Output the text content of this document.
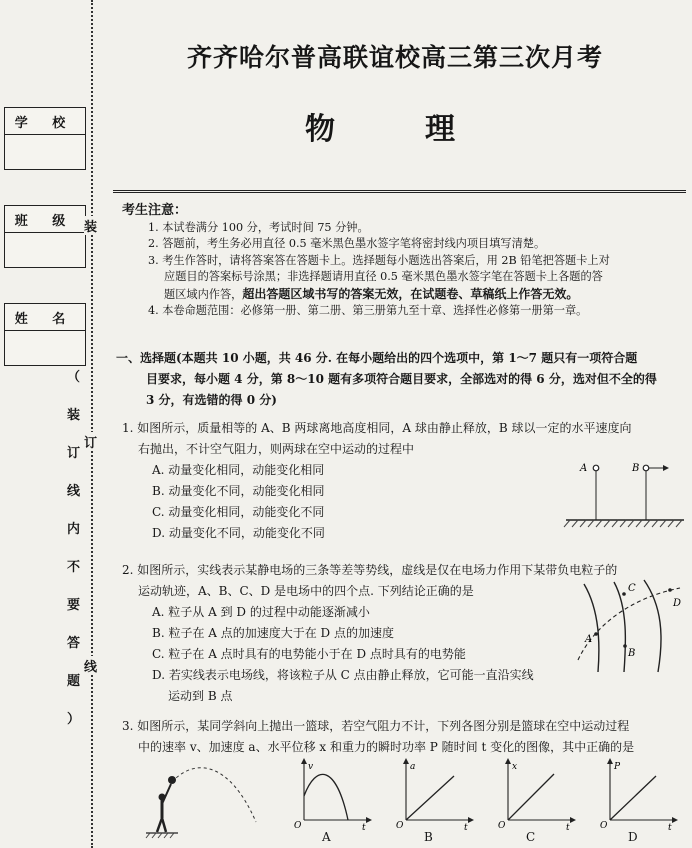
学 校
班 级
姓 名
装
订
线
（
装
订
线
内
不
要
答
题
）
齐齐哈尔普高联谊校高三第三次月考
物　理

考生注意：

1. 本试卷满分 100 分，考试时间 75 分钟。

2. 答题前，考生务必用直径 0.5 毫米黑色墨水签字笔将密封线内项目填写清楚。

3. 考生作答时，请将答案答在答题卡上。选择题每小题选出答案后，用 2B 铅笔把答题卡上对

应题目的答案标号涂黑；非选择题请用直径 0.5 毫米黑色墨水签字笔在答题卡上各题的答

题区域内作答，超出答题区域书写的答案无效，在试题卷、草稿纸上作答无效。

4. 本卷命题范围：必修第一册、第二册、第三册第九至十章、选择性必修第一册第一章。

一、选择题(本题共 10 小题，共 46 分. 在每小题给出的四个选项中，第 1～7 题只有一项符合题

目要求，每小题 4 分，第 8～10 题有多项符合题目要求，全部选对的得 6 分，选对但不全的得

3 分，有选错的得 0 分)

1. 如图所示，质量相等的 A、B 两球离地高度相同，A 球由静止释放，B 球以一定的水平速度向

右抛出，不计空气阻力，则两球在空中运动的过程中

A. 动量变化相同，动能变化相同

B. 动量变化不同，动能变化相同

C. 动量变化相同，动能变化不同

D. 动量变化不同，动能变化不同

A	B

2. 如图所示，实线表示某静电场的三条等差等势线，虚线是仅在电场力作用下某带负电粒子的

运动轨迹，A、B、C、D 是电场中的四个点. 下列结论正确的是

A. 粒子从 A 到 D 的过程中动能逐渐减小

B. 粒子在 A 点的加速度大于在 D 点的加速度

C. 粒子在 A 点时具有的电势能小于在 D 点时具有的电势能

D. 若实线表示电场线，将该粒子从 C 点由静止释放，它可能一直沿实线

运动到 B 点

C
D
A
B

3. 如图所示，某同学斜向上抛出一篮球，若空气阻力不计，下列各图分别是篮球在空中运动过程

中的速率 v、加速度 a、水平位移 x 和重力的瞬时功率 P 随时间 t 变化的图像，其中正确的是

v
O	t
a
O	t
x
O	t
P
O	t
A	B	C	D
